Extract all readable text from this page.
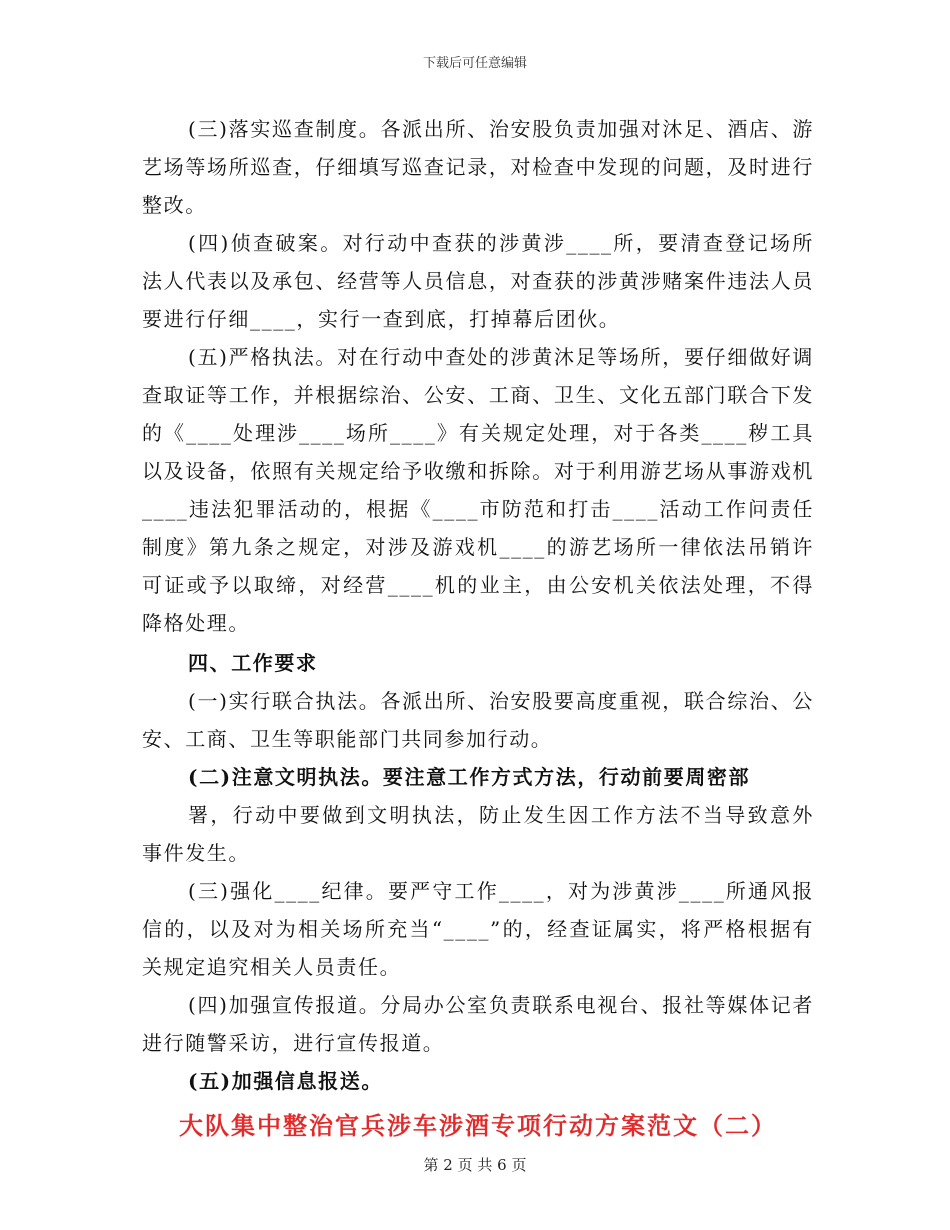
下载后可任意编辑

(三)落实巡查制度。各派出所、治安股负责加强对沐足、酒店、游艺场等场所巡查，仔细填写巡查记录，对检查中发现的问题，及时进行整改。

(四)侦查破案。对行动中查获的涉黄涉____所，要清查登记场所法人代表以及承包、经营等人员信息，对查获的涉黄涉赌案件违法人员要进行仔细____，实行一查到底，打掉幕后团伙。

(五)严格执法。对在行动中查处的涉黄沐足等场所，要仔细做好调查取证等工作，并根据综治、公安、工商、卫生、文化五部门联合下发的《____处理涉____场所____》有关规定处理，对于各类____秽工具以及设备，依照有关规定给予收缴和拆除。对于利用游艺场从事游戏机____违法犯罪活动的，根据《____市防范和打击____活动工作问责任制度》第九条之规定，对涉及游戏机____的游艺场所一律依法吊销许可证或予以取缔，对经营____机的业主，由公安机关依法处理，不得降格处理。

四、工作要求

(一)实行联合执法。各派出所、治安股要高度重视，联合综治、公安、工商、卫生等职能部门共同参加行动。

(二)注意文明执法。要注意工作方式方法，行动前要周密部

署，行动中要做到文明执法，防止发生因工作方法不当导致意外事件发生。

(三)强化____纪律。要严守工作____，对为涉黄涉____所通风报信的，以及对为相关场所充当“____”的，经查证属实，将严格根据有关规定追究相关人员责任。

(四)加强宣传报道。分局办公室负责联系电视台、报社等媒体记者进行随警采访，进行宣传报道。

(五)加强信息报送。

大队集中整治官兵涉车涉酒专项行动方案范文（二）

第 2 页 共 6 页
